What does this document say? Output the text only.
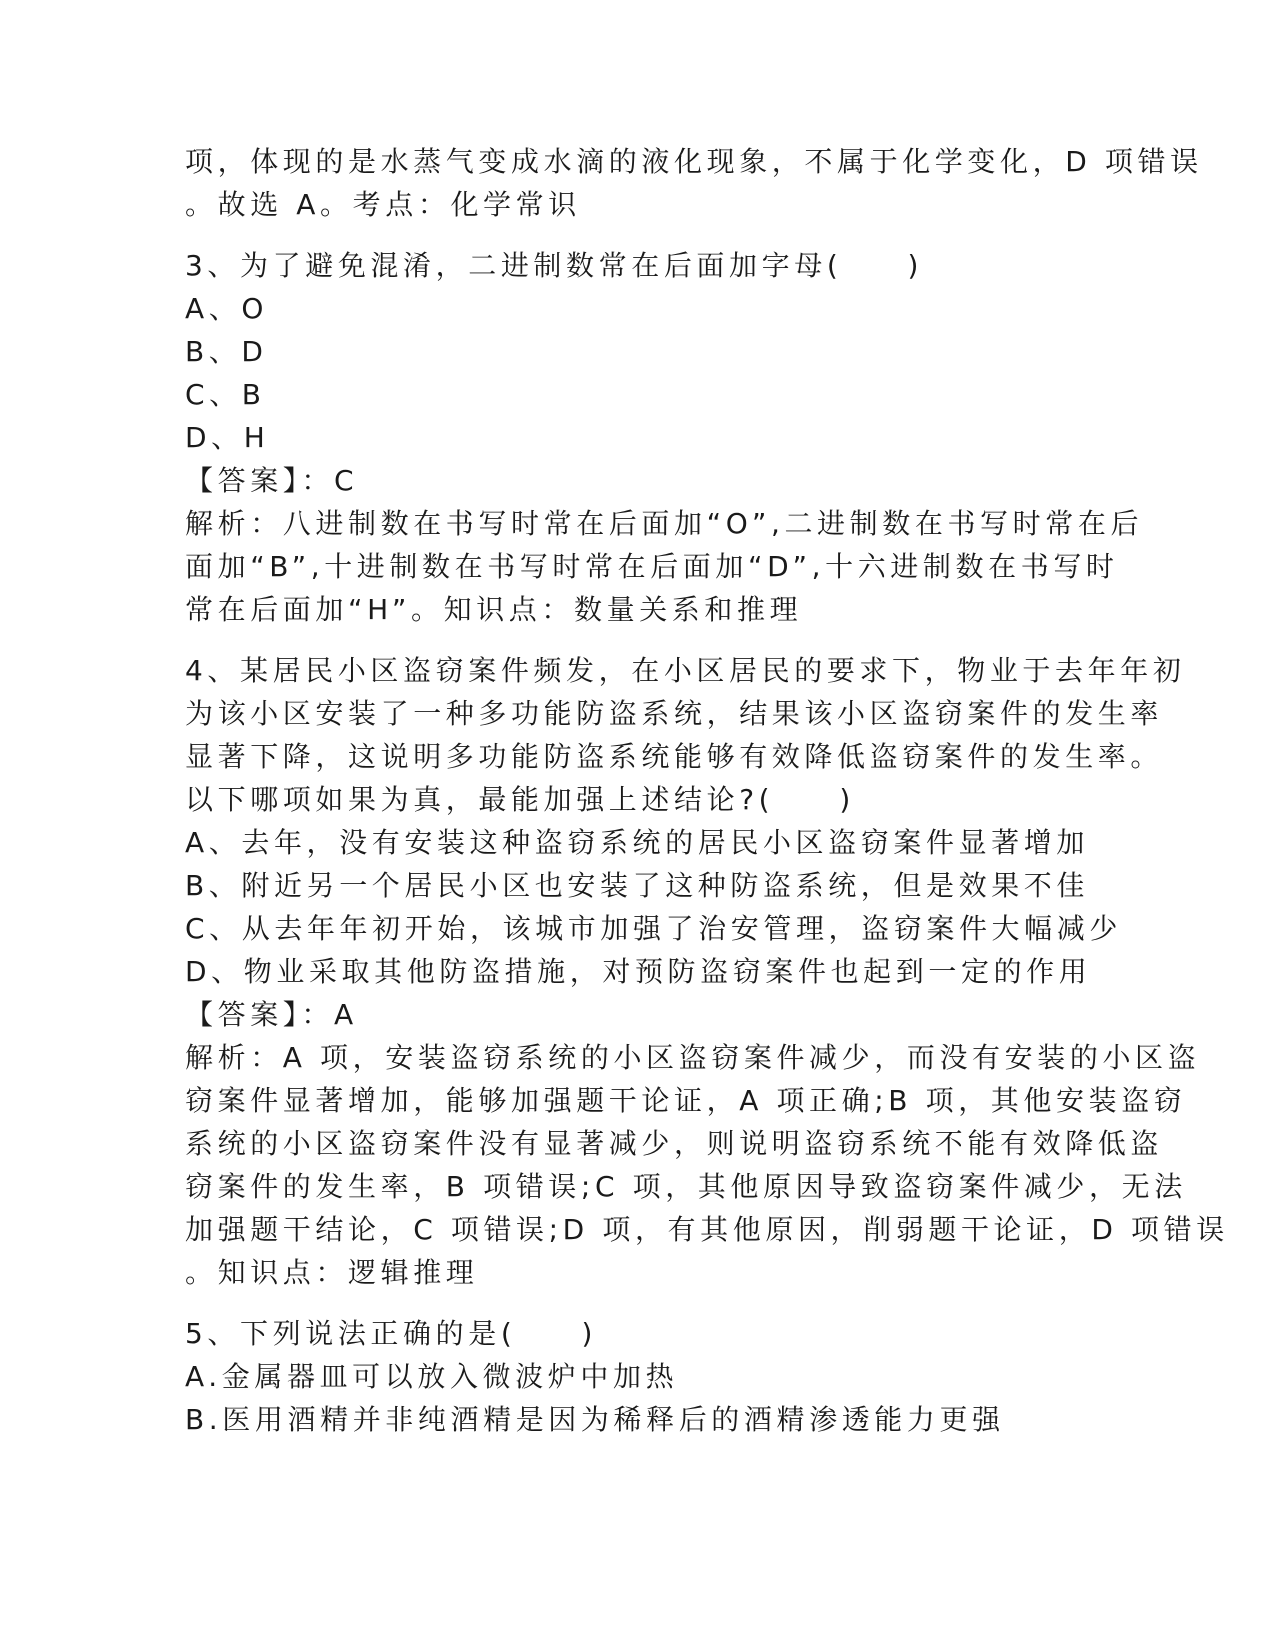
项，体现的是水蒸气变成水滴的液化现象，不属于化学变化，D 项错误
。故选 A。考点：化学常识
3、为了避免混淆，二进制数常在后面加字母(　　)
A、O
B、D
C、B
D、H
【答案】：C
解析：八进制数在书写时常在后面加“O”,二进制数在书写时常在后
面加“B”,十进制数在书写时常在后面加“D”,十六进制数在书写时
常在后面加“H”。知识点：数量关系和推理
4、某居民小区盗窃案件频发，在小区居民的要求下，物业于去年年初
为该小区安装了一种多功能防盗系统，结果该小区盗窃案件的发生率
显著下降，这说明多功能防盗系统能够有效降低盗窃案件的发生率。
以下哪项如果为真，最能加强上述结论?(　　)
A、去年，没有安装这种盗窃系统的居民小区盗窃案件显著增加
B、附近另一个居民小区也安装了这种防盗系统，但是效果不佳
C、从去年年初开始，该城市加强了治安管理，盗窃案件大幅减少
D、物业采取其他防盗措施，对预防盗窃案件也起到一定的作用
【答案】：A
解析：A 项，安装盗窃系统的小区盗窃案件减少，而没有安装的小区盗
窃案件显著增加，能够加强题干论证，A 项正确;B 项，其他安装盗窃
系统的小区盗窃案件没有显著减少，则说明盗窃系统不能有效降低盗
窃案件的发生率，B 项错误;C 项，其他原因导致盗窃案件减少，无法
加强题干结论，C 项错误;D 项，有其他原因，削弱题干论证，D 项错误
。知识点：逻辑推理
5、下列说法正确的是(　　)
A.金属器皿可以放入微波炉中加热
B.医用酒精并非纯酒精是因为稀释后的酒精渗透能力更强
